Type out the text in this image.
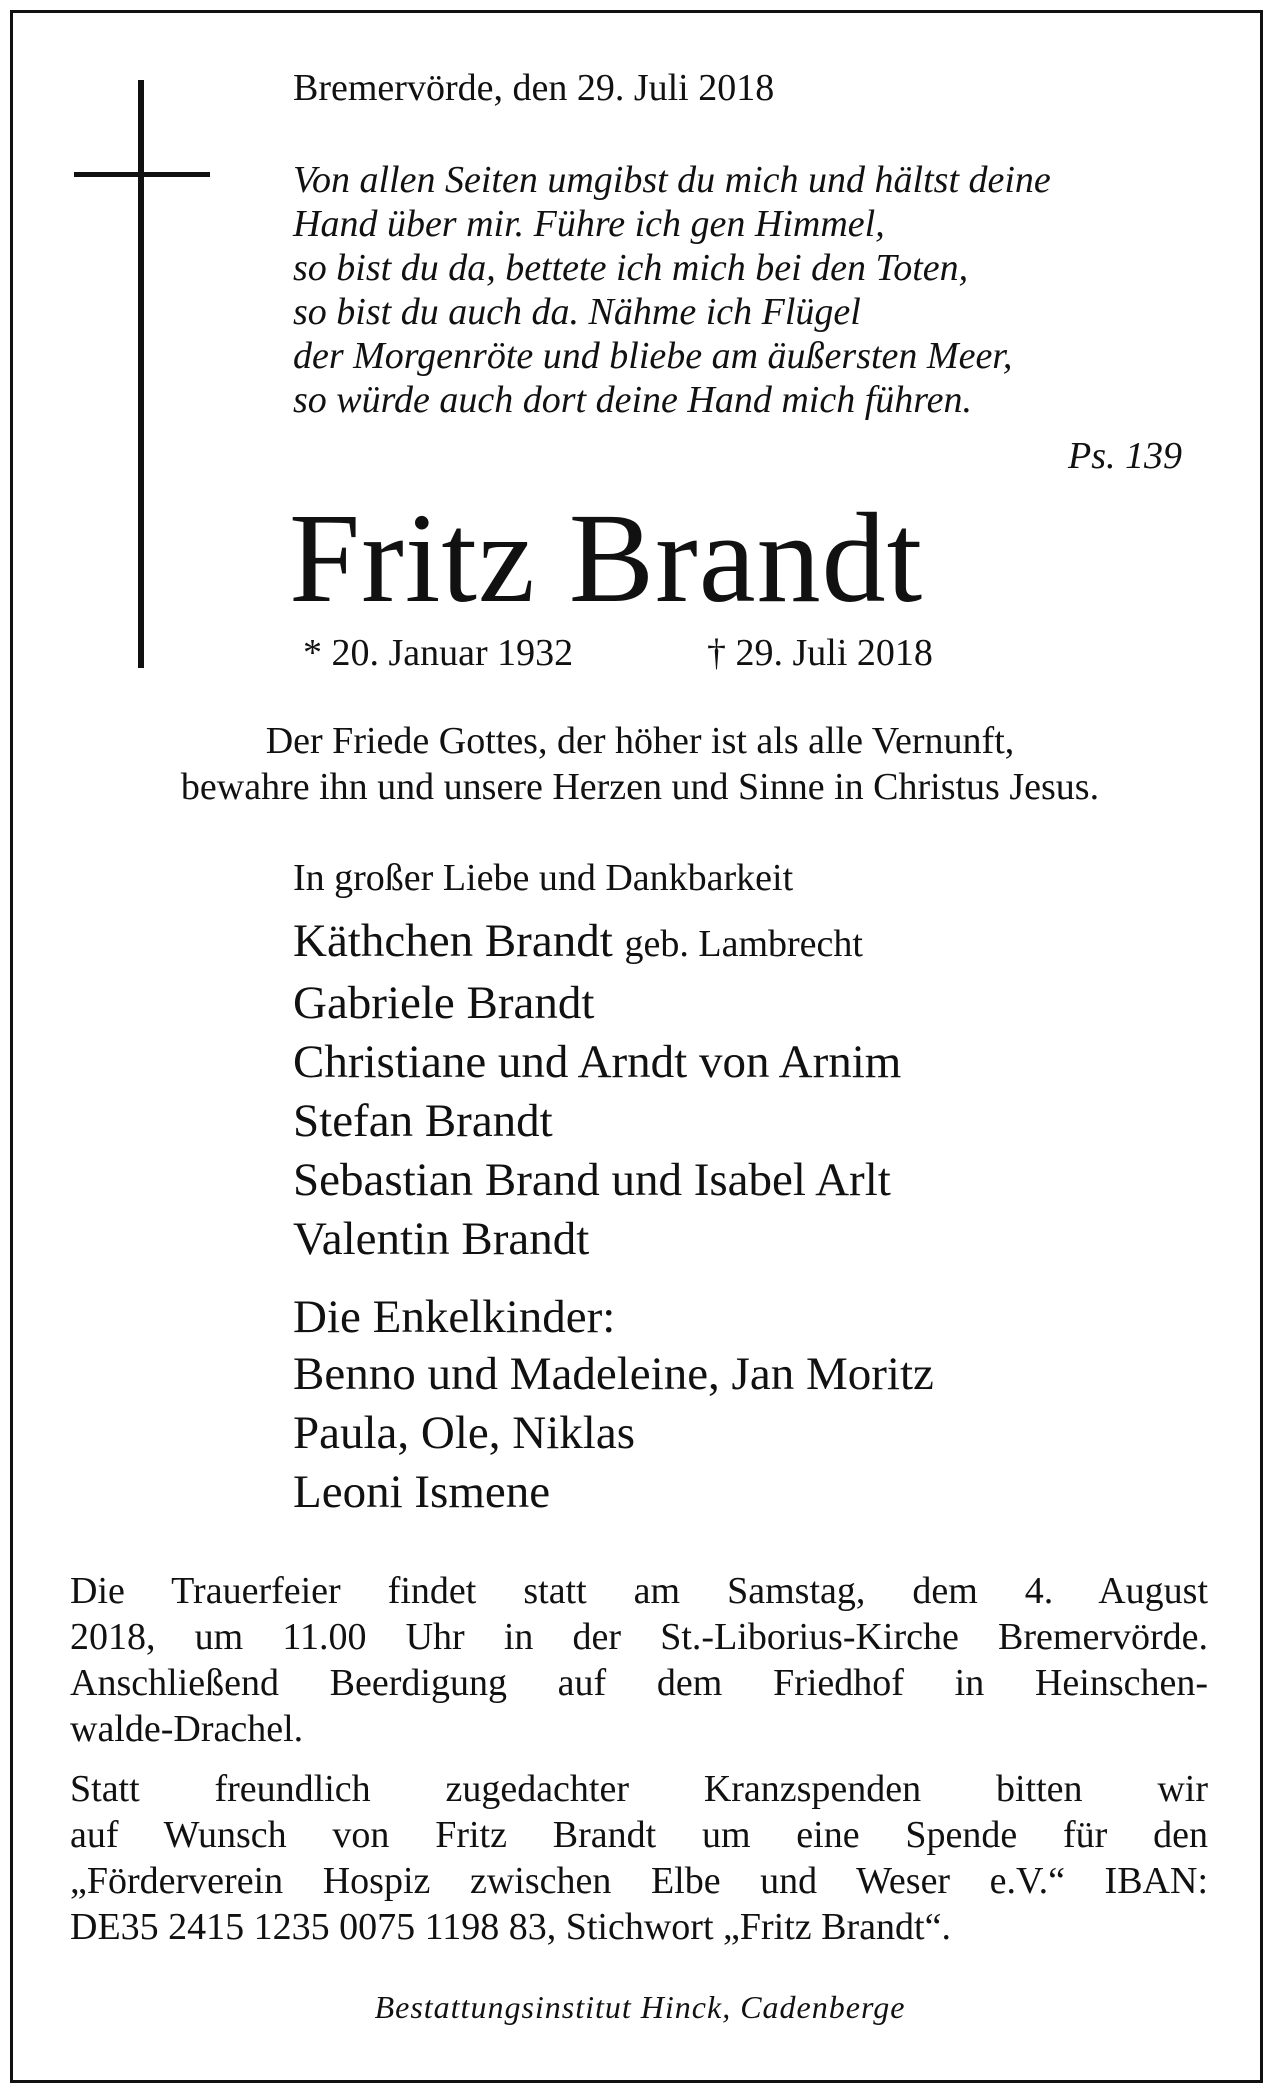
Bremervörde, den 29. Juli 2018
Von allen Seiten umgibst du mich und hältst deine
Hand über mir. Führe ich gen Himmel,
so bist du da, bettete ich mich bei den Toten,
so bist du auch da. Nähme ich Flügel
der Morgenröte und bliebe am äußersten Meer,
so würde auch dort deine Hand mich führen.
Ps. 139
Fritz Brandt
* 20. Januar 1932	† 29. Juli 2018
Der Friede Gottes, der höher ist als alle Vernunft,
bewahre ihn und unsere Herzen und Sinne in Christus Jesus.
In großer Liebe und Dankbarkeit
Käthchen Brandt geb. Lambrecht
Gabriele Brandt
Christiane und Arndt von Arnim
Stefan Brandt
Sebastian Brand und Isabel Arlt
Valentin Brandt
Die Enkelkinder:
Benno und Madeleine, Jan Moritz
Paula, Ole, Niklas
Leoni Ismene
Die Trauerfeier findet statt am Samstag, dem 4. August
2018, um 11.00 Uhr in der St.-Liborius-Kirche Bremervörde.
Anschließend Beerdigung auf dem Friedhof in Heinschen-
walde-Drachel.
Statt freundlich zugedachter Kranzspenden bitten wir
auf Wunsch von Fritz Brandt um eine Spende für den
„Förderverein Hospiz zwischen Elbe und Weser e.V.“ IBAN:
DE35 2415 1235 0075 1198 83, Stichwort „Fritz Brandt“.
Bestattungsinstitut Hinck, Cadenberge
